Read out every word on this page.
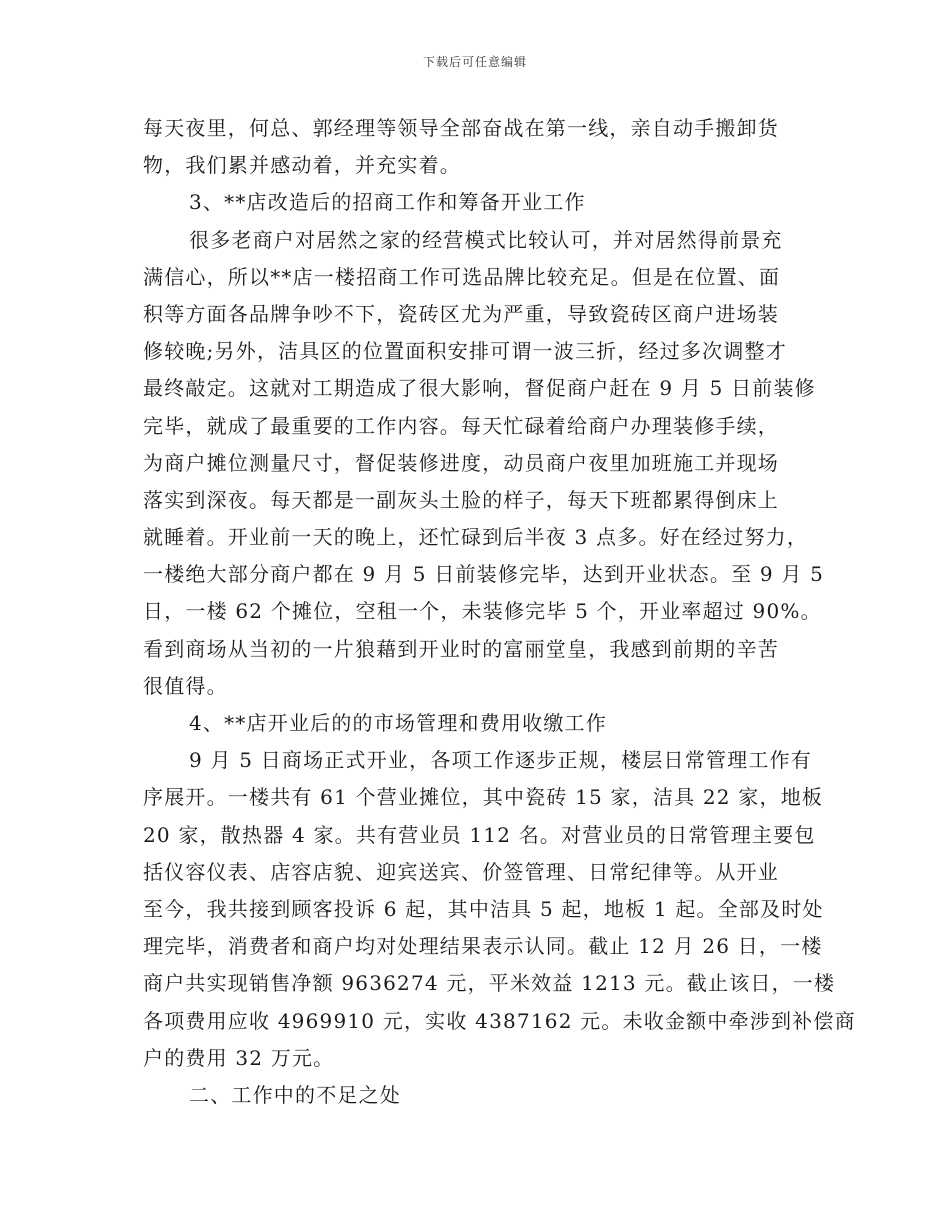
下载后可任意编辑
每天夜里，何总、郭经理等领导全部奋战在第一线，亲自动手搬卸货
物，我们累并感动着，并充实着。
3、**店改造后的招商工作和筹备开业工作
很多老商户对居然之家的经营模式比较认可，并对居然得前景充
满信心，所以**店一楼招商工作可选品牌比较充足。但是在位置、面
积等方面各品牌争吵不下，瓷砖区尤为严重，导致瓷砖区商户进场装
修较晚;另外，洁具区的位置面积安排可谓一波三折，经过多次调整才
最终敲定。这就对工期造成了很大影响，督促商户赶在 9 月 5 日前装修
完毕，就成了最重要的工作内容。每天忙碌着给商户办理装修手续，
为商户摊位测量尺寸，督促装修进度，动员商户夜里加班施工并现场
落实到深夜。每天都是一副灰头土脸的样子，每天下班都累得倒床上
就睡着。开业前一天的晚上，还忙碌到后半夜 3 点多。好在经过努力，
一楼绝大部分商户都在 9 月 5 日前装修完毕，达到开业状态。至 9 月 5
日，一楼 62 个摊位，空租一个，未装修完毕 5 个，开业率超过 90%。
看到商场从当初的一片狼藉到开业时的富丽堂皇，我感到前期的辛苦
很值得。
4、**店开业后的的市场管理和费用收缴工作
9 月 5 日商场正式开业，各项工作逐步正规，楼层日常管理工作有
序展开。一楼共有 61 个营业摊位，其中瓷砖 15 家，洁具 22 家，地板
20 家，散热器 4 家。共有营业员 112 名。对营业员的日常管理主要包
括仪容仪表、店容店貌、迎宾送宾、价签管理、日常纪律等。从开业
至今，我共接到顾客投诉 6 起，其中洁具 5 起，地板 1 起。全部及时处
理完毕，消费者和商户均对处理结果表示认同。截止 12 月 26 日，一楼
商户共实现销售净额 9636274 元，平米效益 1213 元。截止该日，一楼
各项费用应收 4969910 元，实收 4387162 元。未收金额中牵涉到补偿商
户的费用 32 万元。
二、工作中的不足之处
